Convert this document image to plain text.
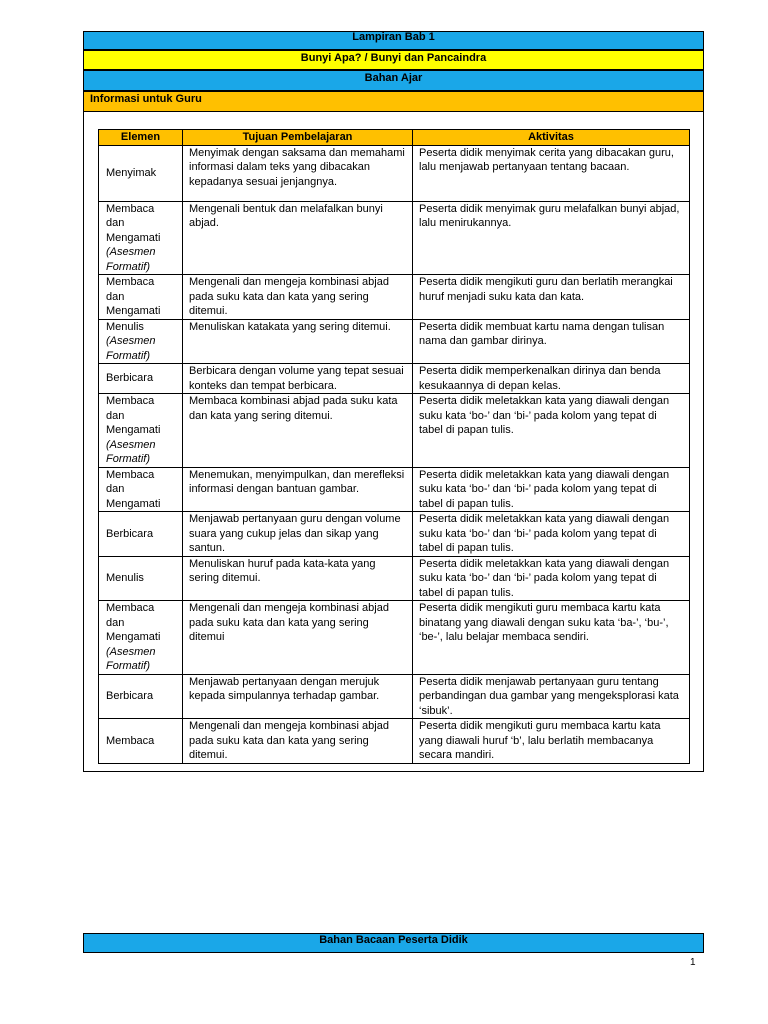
Lampiran Bab 1
Bunyi Apa? / Bunyi dan Pancaindra
Bahan Ajar
Informasi untuk Guru
Elemen	Tujuan Pembelajaran	Aktivitas

Menyimak	Menyimak dengan saksama dan memahami informasi dalam teks yang dibacakan kepadanya sesuai jenjangnya.	Peserta didik menyimak cerita yang dibacakan guru, lalu menjawab pertanyaan tentang bacaan.

Membaca
dan
Mengamati
(Asesmen
Formatif)	Mengenali bentuk dan melafalkan bunyi abjad.	Peserta didik menyimak guru melafalkan bunyi abjad, lalu menirukannya.

Membaca
dan
Mengamati	Mengenali dan mengeja kombinasi abjad pada suku kata dan kata yang sering ditemui.	Peserta didik mengikuti guru dan berlatih merangkai huruf menjadi suku kata dan kata.

Menulis
(Asesmen
Formatif)	Menuliskan katakata yang sering ditemui.	Peserta didik membuat kartu nama dengan tulisan nama dan gambar dirinya.

Berbicara	Berbicara dengan volume yang tepat sesuai konteks dan tempat berbicara.	Peserta didik memperkenalkan dirinya dan benda kesukaannya di depan kelas.

Membaca
dan
Mengamati
(Asesmen
Formatif)	Membaca kombinasi abjad pada suku kata dan kata yang sering ditemui.	Peserta didik meletakkan kata yang diawali dengan suku kata ‘bo-’ dan ‘bi-’ pada kolom yang tepat di tabel di papan tulis.

Membaca
dan
Mengamati	Menemukan, menyimpulkan, dan merefleksi informasi dengan bantuan gambar.	Peserta didik meletakkan kata yang diawali dengan suku kata ‘bo-’ dan ‘bi-’ pada kolom yang tepat di tabel di papan tulis.

Berbicara	Menjawab pertanyaan guru dengan volume suara yang cukup jelas dan sikap yang santun.	Peserta didik meletakkan kata yang diawali dengan suku kata ‘bo-’ dan ‘bi-’ pada kolom yang tepat di tabel di papan tulis.

Menulis	Menuliskan huruf pada kata-kata yang sering ditemui.	Peserta didik meletakkan kata yang diawali dengan suku kata ‘bo-’ dan ‘bi-’ pada kolom yang tepat di tabel di papan tulis.

Membaca
dan
Mengamati
(Asesmen
Formatif)	Mengenali dan mengeja kombinasi abjad pada suku kata dan kata yang sering ditemui	Peserta didik mengikuti guru membaca kartu kata binatang yang diawali dengan suku kata ‘ba-’, ‘bu-’, ‘be-’, lalu belajar membaca sendiri.

Berbicara	Menjawab pertanyaan dengan merujuk kepada simpulannya terhadap gambar.	Peserta didik menjawab pertanyaan guru tentang perbandingan dua gambar yang mengeksplorasi kata ‘sibuk’.

Membaca	Mengenali dan mengeja kombinasi abjad pada suku kata dan kata yang sering ditemui.	Peserta didik mengikuti guru membaca kartu kata yang diawali huruf ‘b’, lalu berlatih membacanya secara mandiri.
Bahan Bacaan Peserta Didik
1
